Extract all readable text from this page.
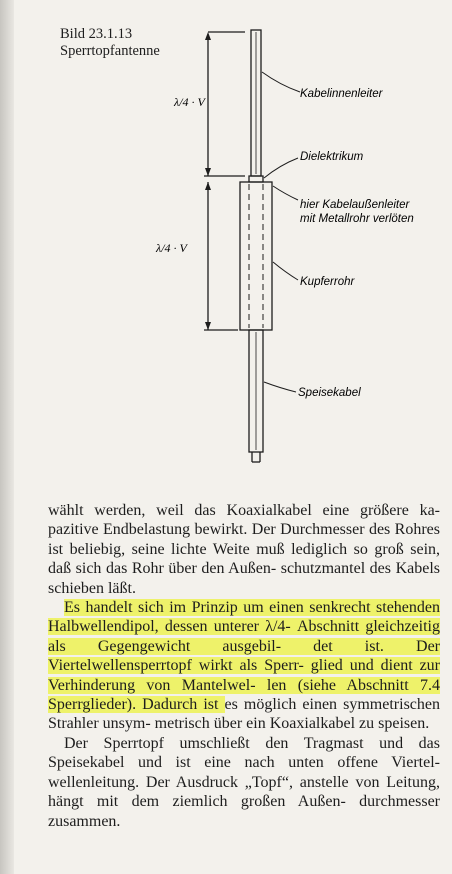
Bild 23.1.13
Sperrtopfantenne
λ/4 · V
λ/4 · V
Kabelinnenleiter
Dielektrikum
hier Kabelaußenleiter
mit Metallrohr verlöten
Kupferrohr
Speisekabel

wählt werden, weil das Koaxialkabel eine größere ka- pazitive Endbelastung bewirkt. Der Durchmesser des Rohres ist beliebig, seine lichte Weite muß lediglich so groß sein, daß sich das Rohr über den Außen- schutzmantel des Kabels schieben läßt.

Es handelt sich im Prinzip um einen senkrecht stehenden Halbwellendipol, dessen unterer λ/4- Abschnitt gleichzeitig als Gegengewicht ausgebil- det ist. Der Viertelwellensperrtopf wirkt als Sperr- glied und dient zur Verhinderung von Mantelwel- len (siehe Abschnitt 7.4 Sperrglieder). Dadurch ist es möglich einen symmetrischen Strahler unsym- metrisch über ein Koaxialkabel zu speisen.

Der Sperrtopf umschließt den Tragmast und das Speisekabel und ist eine nach unten offene Viertel- wellenleitung. Der Ausdruck „Topf“, anstelle von Leitung, hängt mit dem ziemlich großen Außen- durchmesser zusammen.
